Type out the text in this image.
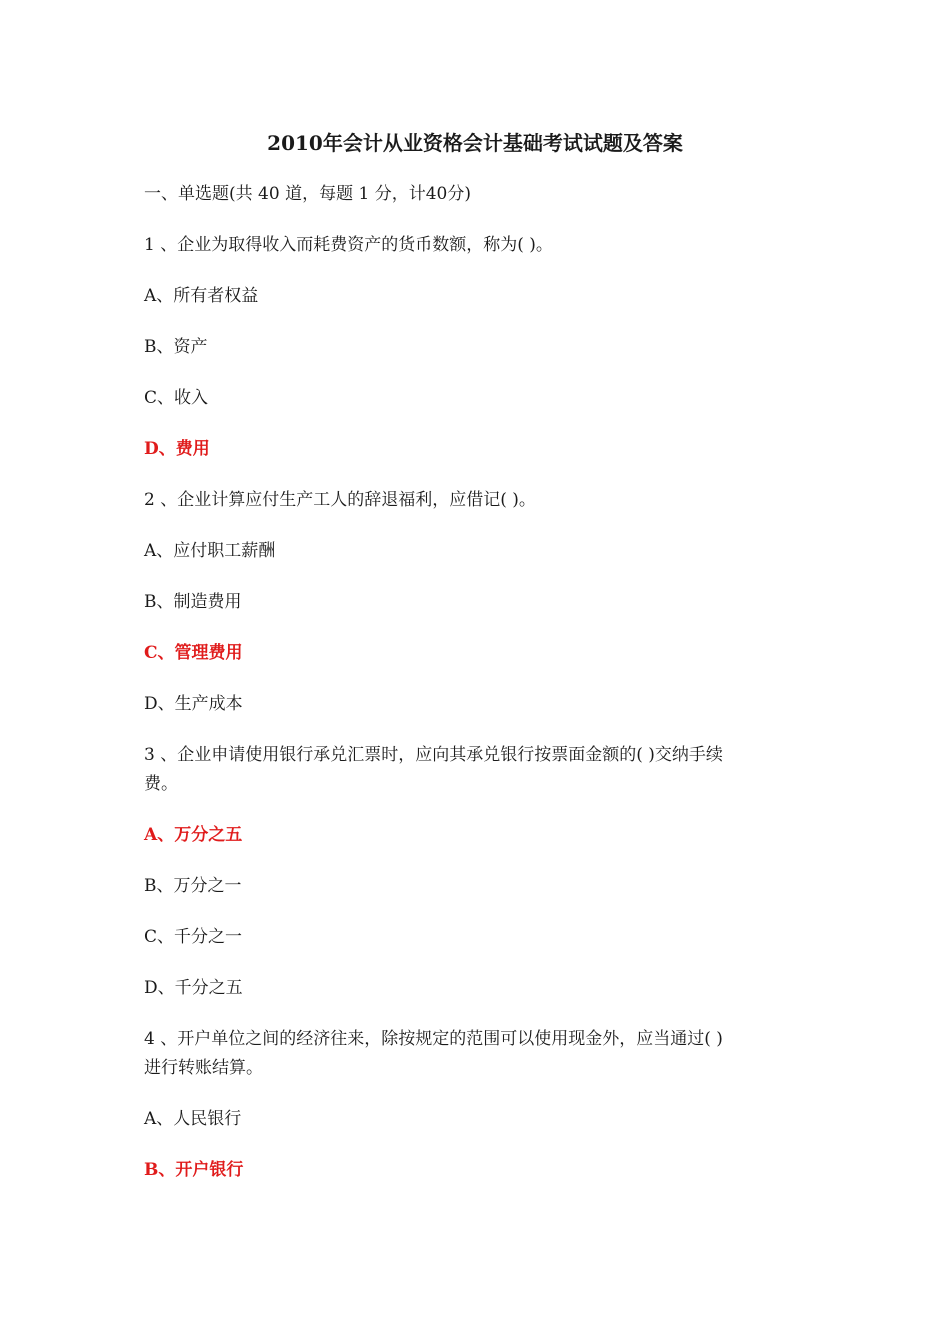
2010年会计从业资格会计基础考试试题及答案
一、单选题(共 40 道，每题 1 分，计40分)
1 、企业为取得收入而耗费资产的货币数额，称为( )。
A、所有者权益
B、资产
C、收入
D、费用
2 、企业计算应付生产工人的辞退福利，应借记( )。
A、应付职工薪酬
B、制造费用
C、管理费用
D、生产成本
3 、企业申请使用银行承兑汇票时，应向其承兑银行按票面金额的( )交纳手续
费。
A、万分之五
B、万分之一
C、千分之一
D、千分之五
4 、开户单位之间的经济往来，除按规定的范围可以使用现金外，应当通过( )
进行转账结算。
A、人民银行
B、开户银行
